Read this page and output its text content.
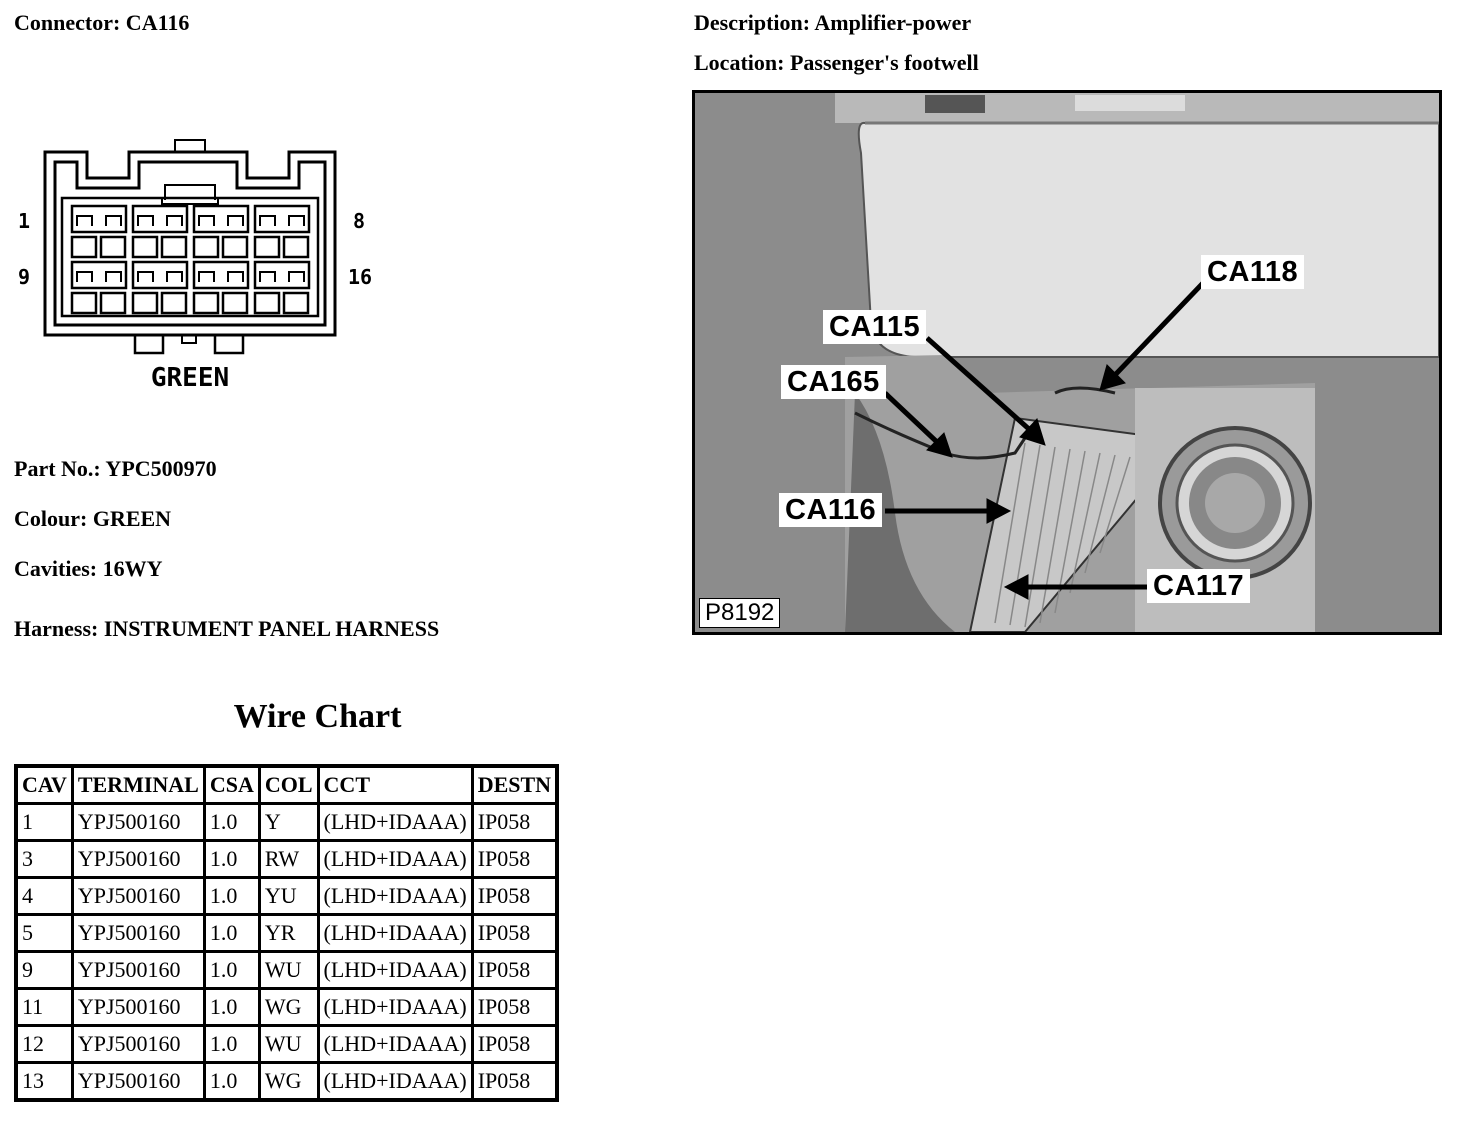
Connector: CA116	Description: Amplifier-power
Location: Passenger's footwell
1	8
9	16
GREEN
Part No.: YPC500970
Colour: GREEN
Cavities: 16WY
Harness: INSTRUMENT PANEL HARNESS
CA118
CA115
CA165
CA116
CA117
P8192
Wire Chart
CAV	TERMINAL	CSA	COL	CCT	DESTN
1	YPJ500160	1.0	Y	(LHD+IDAAA)	IP058
3	YPJ500160	1.0	RW	(LHD+IDAAA)	IP058
4	YPJ500160	1.0	YU	(LHD+IDAAA)	IP058
5	YPJ500160	1.0	YR	(LHD+IDAAA)	IP058
9	YPJ500160	1.0	WU	(LHD+IDAAA)	IP058
11	YPJ500160	1.0	WG	(LHD+IDAAA)	IP058
12	YPJ500160	1.0	WU	(LHD+IDAAA)	IP058
13	YPJ500160	1.0	WG	(LHD+IDAAA)	IP058
